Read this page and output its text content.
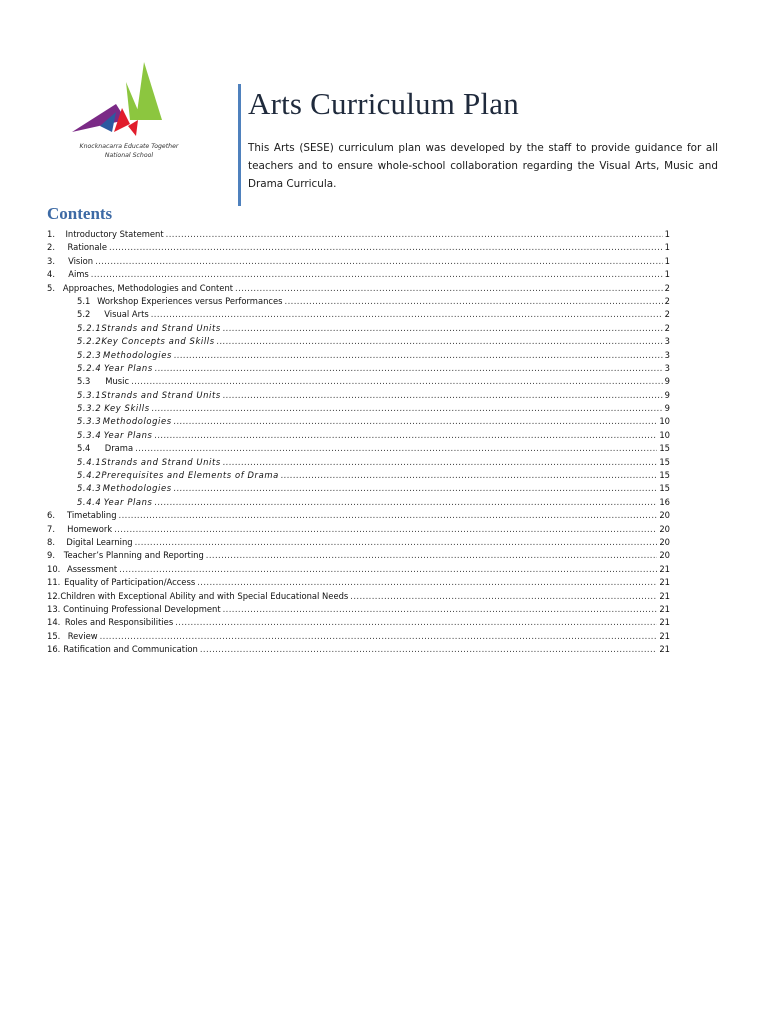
Knocknacarra Educate Together
National School
Arts Curriculum Plan

This Arts (SESE) curriculum plan was developed by the staff to provide guidance for all teachers and to ensure whole-school collaboration regarding the Visual Arts, Music and Drama Curricula.

Contents
1.	Introductory Statement .....	1
2.	Rationale .....	1
3.	Vision .....	1
4.	Aims .....	1
5. Approaches, Methodologies and Content .....	2
5.1 Workshop Experiences versus Performances .....	2
5.2	Visual Arts .....	2
5.2.1 Strands and Strand Units .....	2
5.2.2 Key Concepts and Skills .....	3
5.2.3 Methodologies .....	3
5.2.4 Year Plans .....	3
5.3	Music .....	9
5.3.1 Strands and Strand Units .....	9
5.3.2 Key Skills .....	9
5.3.3 Methodologies .....	10
5.3.4 Year Plans .....	10
5.4	Drama .....	15
5.4.1 Strands and Strand Units .....	15
5.4.2 Prerequisites and Elements of Drama .....	15
5.4.3 Methodologies .....	15
5.4.4 Year Plans .....	16
6.	Timetabling .....	20
7.	Homework .....	20
8.	Digital Learning .....	20
9.	Teacher’s Planning and Reporting .....	20
10. Assessment .....	21
11. Equality of Participation/Access .....	21
12. Children with Exceptional Ability and with Special Educational Needs .....	21
13. Continuing Professional Development .....	21
14. Roles and Responsibilities .....	21
15. Review .....	21
16. Ratification and Communication .....	21
